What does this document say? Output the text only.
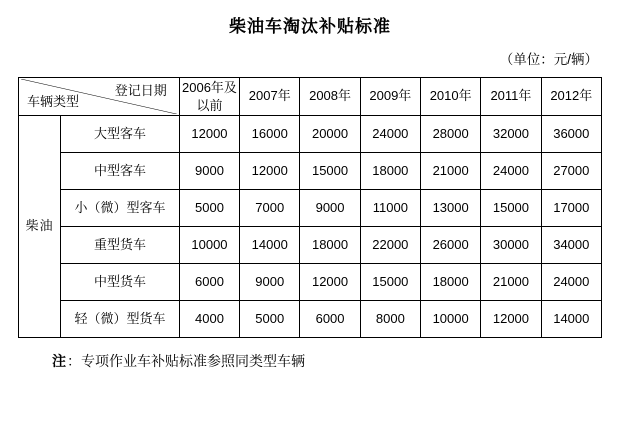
柴油车淘汰补贴标准
（单位：元/辆）
登记日期
车辆类型		2006年及以前	2007年	2008年	2009年	2010年	2011年	2012年
柴油	大型客车	12000	16000	20000	24000	28000	32000	36000
	中型客车	9000	12000	15000	18000	21000	24000	27000
	小（微）型客车	5000	7000	9000	11000	13000	15000	17000
	重型货车	10000	14000	18000	22000	26000	30000	34000
	中型货车	6000	9000	12000	15000	18000	21000	24000
	轻（微）型货车	4000	5000	6000	8000	10000	12000	14000

注：专项作业车补贴标准参照同类型车辆
